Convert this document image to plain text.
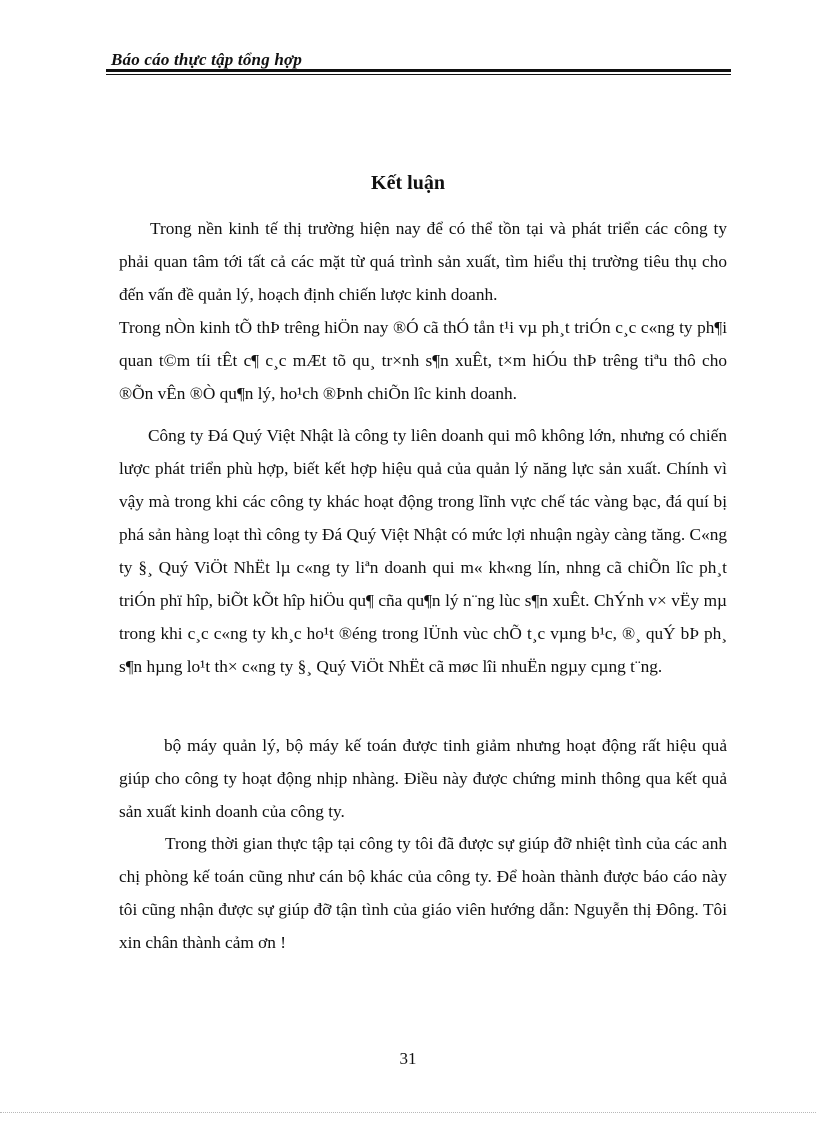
Báo cáo thực tập tổng hợp
Kết luận

Trong nền kinh tế thị trường hiện nay để có thể tồn tại và phát triển các công ty phải quan tâm tới tất cả các mặt từ quá trình sản xuất, tìm hiểu thị trường tiêu thụ cho đến vấn đề quản lý, hoạch định chiến lược kinh doanh.

Trong nÒn kinh tÕ thÞ trêng hiÖn nay ®Ó cã thÓ tån t¹i vµ ph¸t triÓn c¸c c«ng ty ph¶i quan t©m tíi tÊt c¶ c¸c mÆt tõ qu¸ tr×nh s¶n xuÊt, t×m hiÓu thÞ trêng tiªu thô cho ®Õn vÊn ®Ò qu¶n lý, ho¹ch ®Þnh chiÕn lîc kinh doanh.

Công ty Đá Quý Việt Nhật là công ty liên doanh qui mô không lớn, nhưng có chiến lược phát triển phù hợp, biết kết hợp hiệu quả của quản lý năng lực sản xuất. Chính vì vậy mà trong khi các công ty khác hoạt động trong lĩnh vực chế tác vàng bạc, đá quí bị phá sản hàng loạt thì công ty Đá Quý Việt Nhật có mức lợi nhuận ngày càng tăng. C«ng ty §¸ Quý ViÖt NhËt lµ c«ng ty liªn doanh qui m« kh«ng lín, nhng cã chiÕn lîc ph¸t triÓn phï hîp, biÕt kÕt hîp hiÖu qu¶ cña qu¶n lý n¨ng lùc s¶n xuÊt. ChÝnh v× vËy mµ trong khi c¸c c«ng ty kh¸c ho¹t ®éng trong lÜnh vùc chÕ t¸c vµng b¹c, ®¸ quÝ bÞ ph¸ s¶n hµng lo¹t th× c«ng ty §¸ Quý ViÖt NhËt cã møc lîi nhuËn ngµy cµng t¨ng.

bộ máy quản lý, bộ máy kế toán được tinh giảm nhưng hoạt động rất hiệu quả giúp cho công ty hoạt động nhịp nhàng. Điều này được chứng minh thông qua kết quả sản xuất kinh doanh của công ty.

Trong thời gian thực tập tại công ty tôi đã được sự giúp đỡ nhiệt tình của các anh chị phòng kế toán cũng như cán bộ khác của công ty. Để hoàn thành được báo cáo này tôi cũng nhận được sự giúp đỡ tận tình của giáo viên hướng dẫn: Nguyễn thị Đông. Tôi xin chân thành cảm ơn !

31
